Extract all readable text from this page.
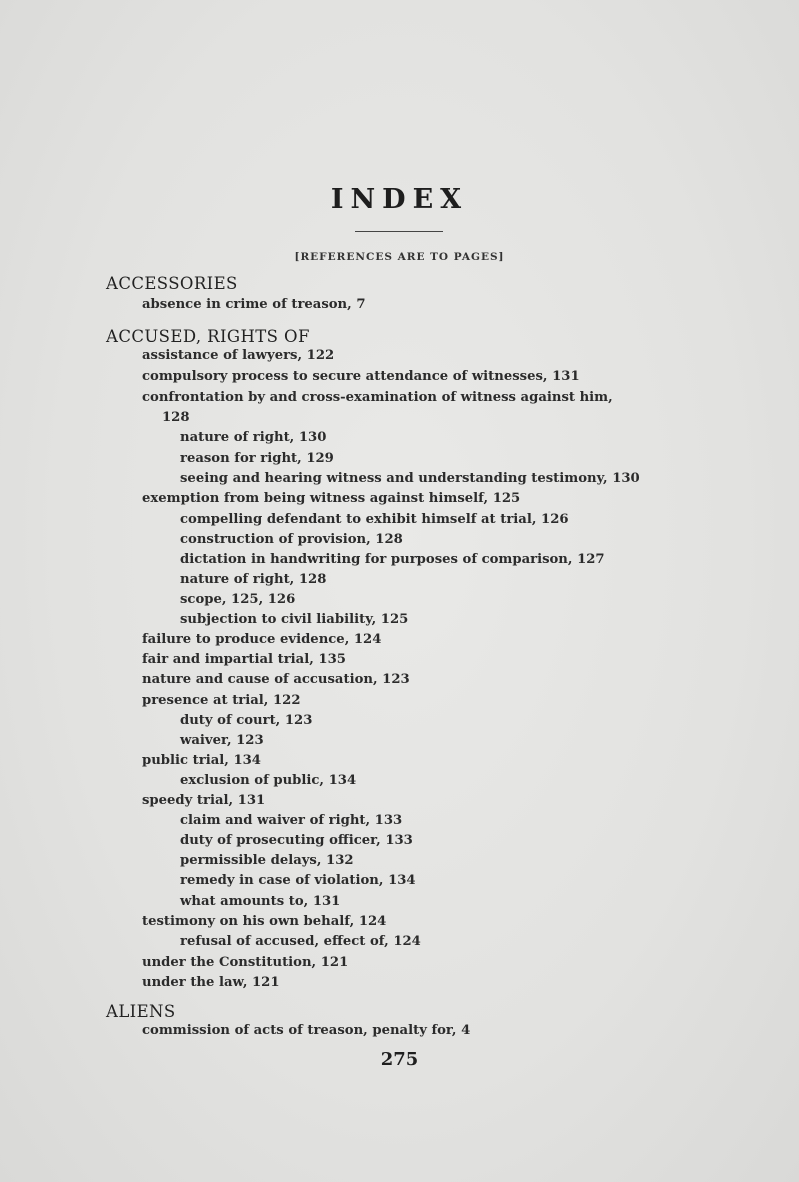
INDEX
[REFERENCES ARE TO PAGES]
ACCESSORIES
absence in crime of treason, 7
ACCUSED, RIGHTS OF
assistance of lawyers, 122
compulsory process to secure attendance of witnesses, 131
confrontation by and cross-examination of witness against him,
128
nature of right, 130
reason for right, 129
seeing and hearing witness and understanding testimony, 130
exemption from being witness against himself, 125
compelling defendant to exhibit himself at trial, 126
construction of provision, 128
dictation in handwriting for purposes of comparison, 127
nature of right, 128
scope, 125, 126
subjection to civil liability, 125
failure to produce evidence, 124
fair and impartial trial, 135
nature and cause of accusation, 123
presence at trial, 122
duty of court, 123
waiver, 123
public trial, 134
exclusion of public, 134
speedy trial, 131
claim and waiver of right, 133
duty of prosecuting officer, 133
permissible delays, 132
remedy in case of violation, 134
what amounts to, 131
testimony on his own behalf, 124
refusal of accused, effect of, 124
under the Constitution, 121
under the law, 121
ALIENS
commission of acts of treason, penalty for, 4
275
